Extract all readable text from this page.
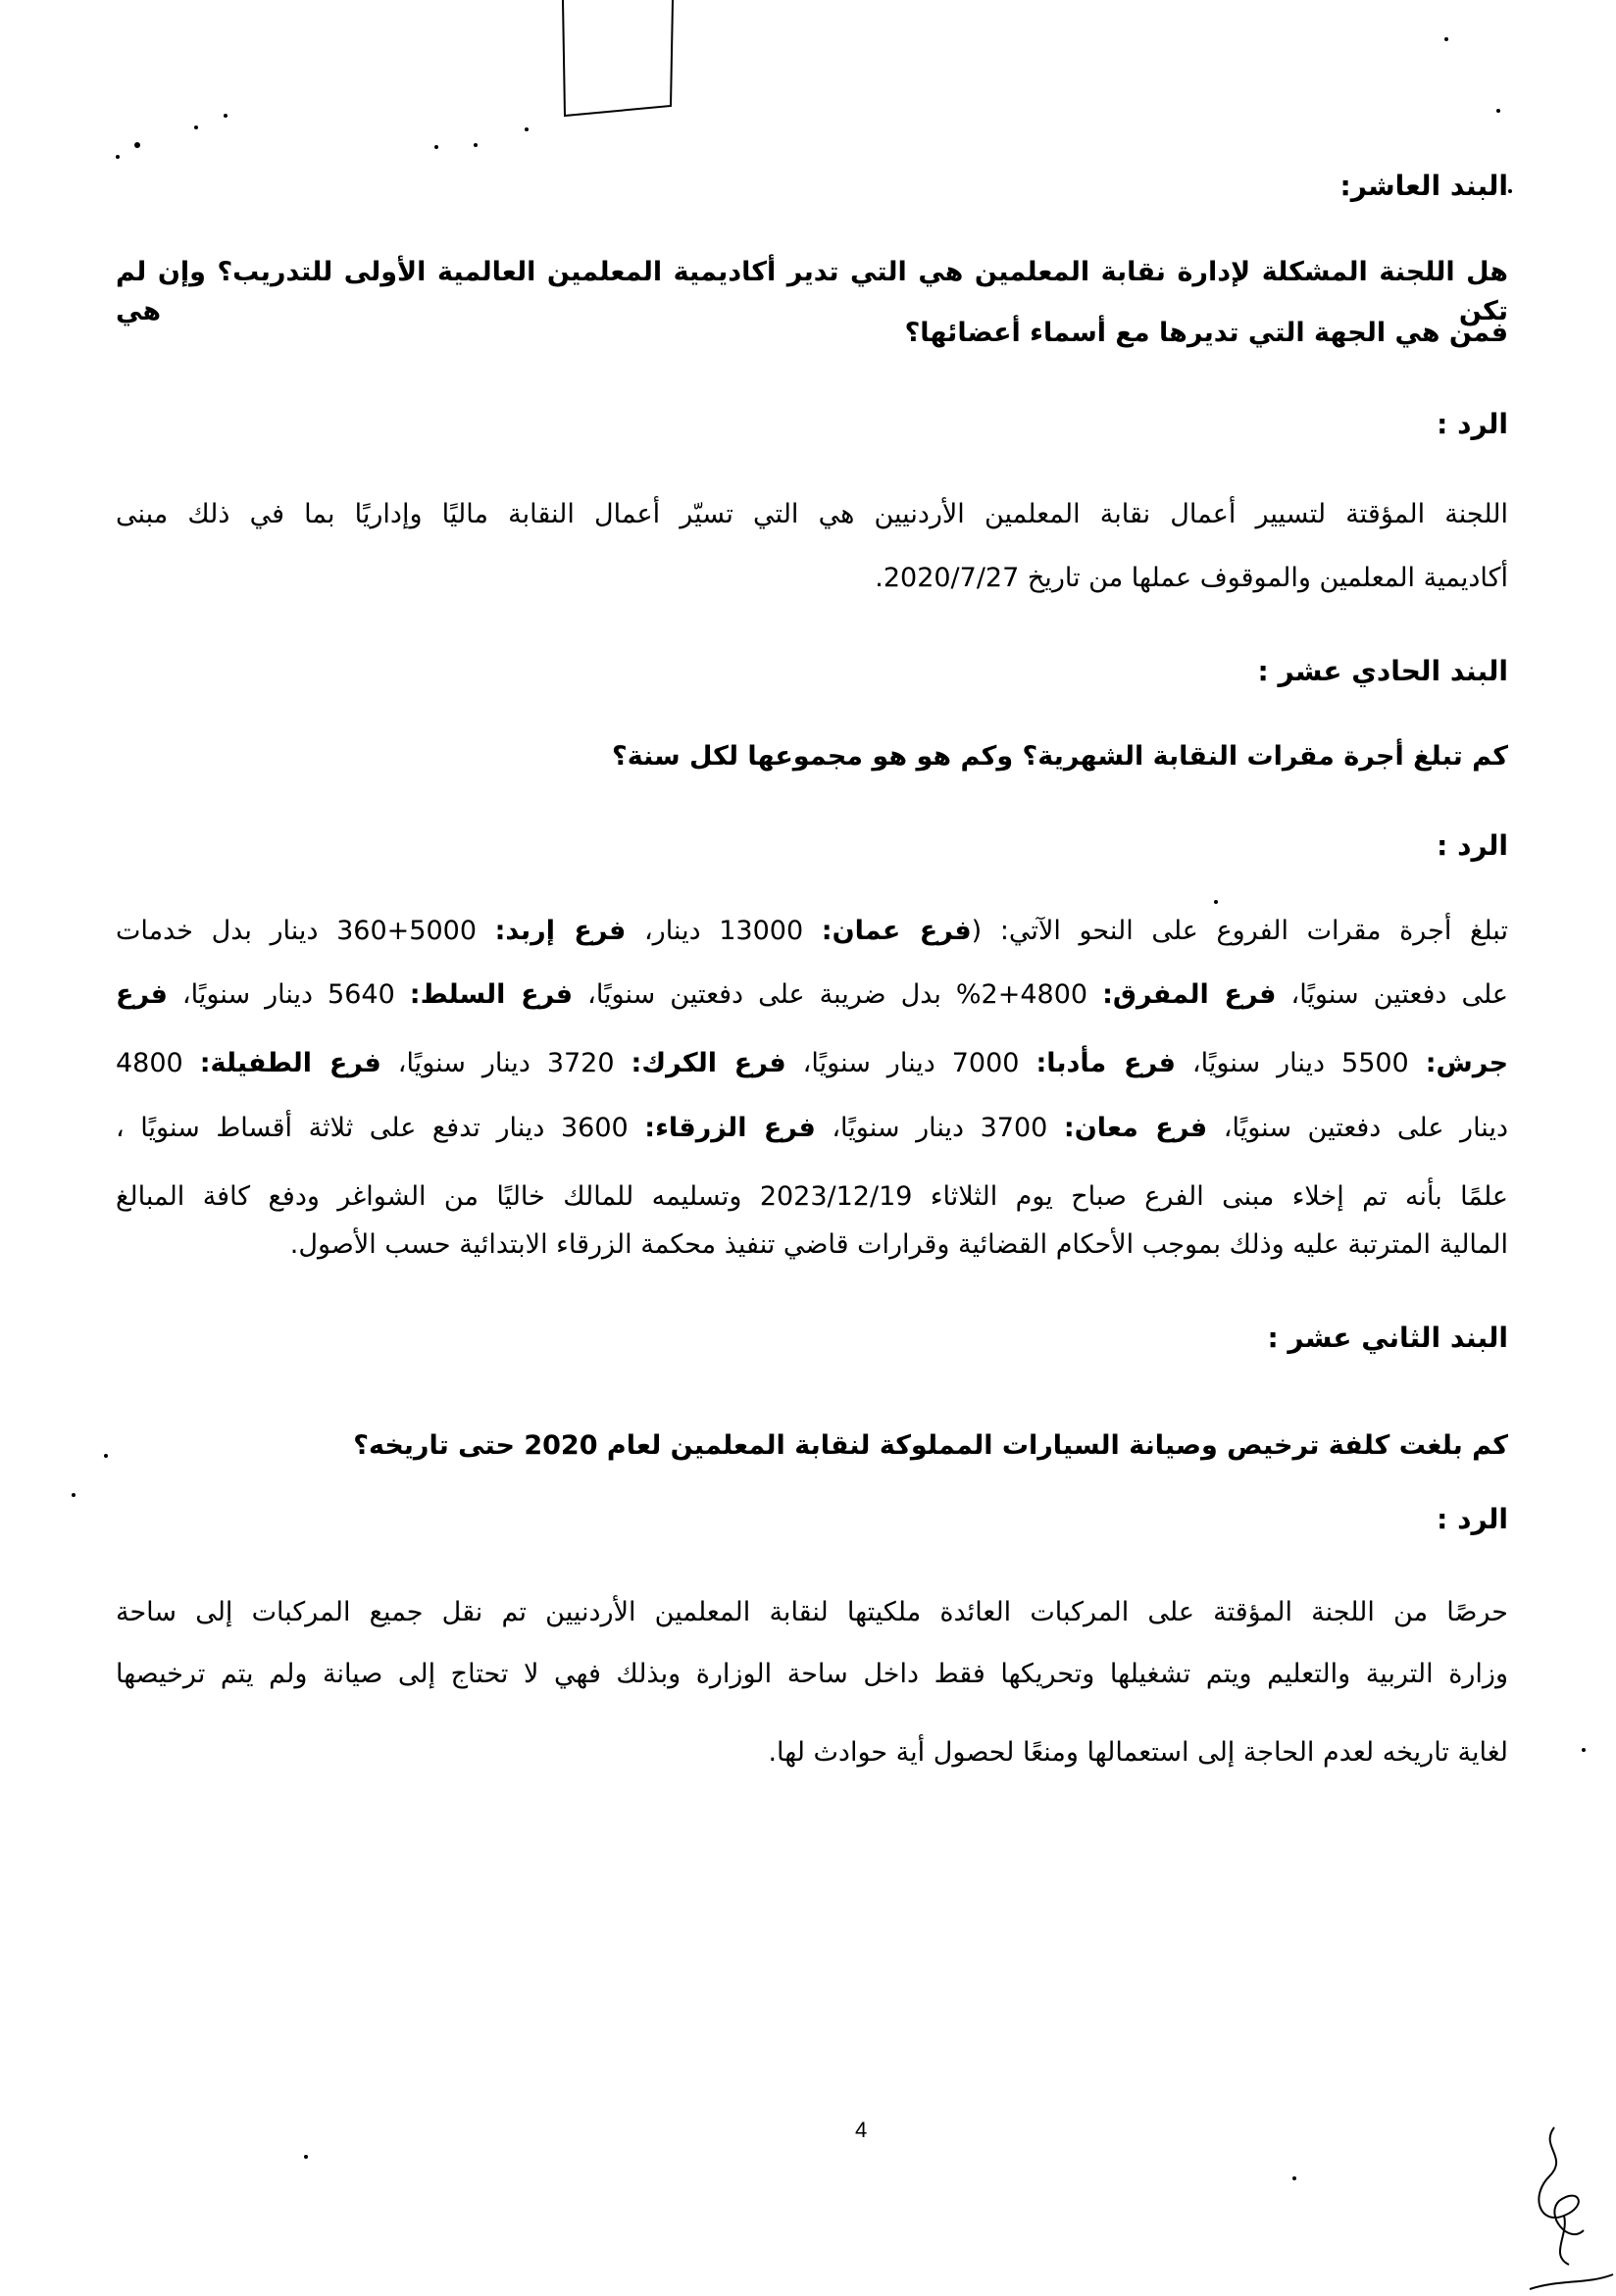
البند العاشر:
هل اللجنة المشكلة لإدارة نقابة المعلمين هي التي تدير أكاديمية المعلمين العالمية الأولى للتدريب؟ وإن لم تكن هي
فمن هي الجهة التي تديرها مع أسماء أعضائها؟
الرد :
اللجنة المؤقتة لتسيير أعمال نقابة المعلمين الأردنيين هي التي تسيّر أعمال النقابة ماليًا وإداريًا بما في ذلك مبنى
أكاديمية المعلمين والموقوف عملها من تاريخ 2020/7/27.
البند الحادي عشر :
كم تبلغ أجرة مقرات النقابة الشهرية؟ وكم هو هو مجموعها لكل سنة؟
الرد :
تبلغ أجرة مقرات الفروع على النحو الآتي: (فرع عمان: 13000 دينار، فرع إربد: 5000+360 دينار بدل خدمات
على دفعتين سنويًا، فرع المفرق: 4800+2% بدل ضريبة على دفعتين سنويًا، فرع السلط: 5640 دينار سنويًا، فرع
جرش: 5500 دينار سنويًا، فرع مأدبا: 7000 دينار سنويًا، فرع الكرك: 3720 دينار سنويًا، فرع الطفيلة: 4800
دينار على دفعتين سنويًا، فرع معان: 3700 دينار سنويًا، فرع الزرقاء: 3600 دينار تدفع على ثلاثة أقساط سنويًا ،
علمًا بأنه تم إخلاء مبنى الفرع صباح يوم الثلاثاء 2023/12/19 وتسليمه للمالك خاليًا من الشواغر ودفع كافة المبالغ
المالية المترتبة عليه وذلك بموجب الأحكام القضائية وقرارات قاضي تنفيذ محكمة الزرقاء الابتدائية حسب الأصول.
البند الثاني عشر :
كم بلغت كلفة ترخيص وصيانة السيارات المملوكة لنقابة المعلمين لعام 2020 حتى تاريخه؟
الرد :
حرصًا من اللجنة المؤقتة على المركبات العائدة ملكيتها لنقابة المعلمين الأردنيين تم نقل جميع المركبات إلى ساحة
وزارة التربية والتعليم ويتم تشغيلها وتحريكها فقط داخل ساحة الوزارة وبذلك فهي لا تحتاج إلى صيانة ولم يتم ترخيصها
لغاية تاريخه لعدم الحاجة إلى استعمالها ومنعًا لحصول أية حوادث لها.
4
